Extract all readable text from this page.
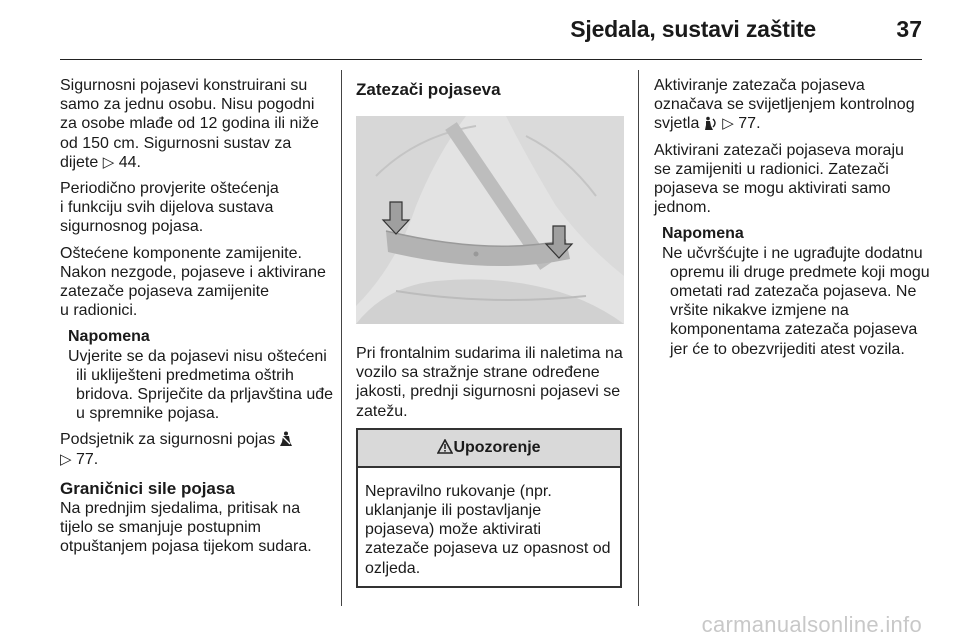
Sjedala, sustavi zaštite	37

Sigurnosni pojasevi konstruirani su
samo za jednu osobu. Nisu pogodni
za osobe mlađe od 12 godina ili niže
od 150 cm. Sigurnosni sustav za
dijete ▷ 44.

Periodično provjerite oštećenja
i funkciju svih dijelova sustava
sigurnosnog pojasa.

Oštećene komponente zamijenite.
Nakon nezgode, pojaseve i aktivirane
zatezače pojaseva zamijenite
u radionici.

Napomena
Uvjerite se da pojasevi nisu oštećeni
ili ukliješteni predmetima oštrih
bridova. Spriječite da prljavština uđe
u spremnike pojasa.

Podsjetnik za sigurnosni pojas
▷ 77.

Graničnici sile pojasa

Na prednjim sjedalima, pritisak na
tijelo se smanjuje postupnim
otpuštanjem pojasa tijekom sudara.

Zatezači pojaseva

Pri frontalnim sudarima ili naletima na
vozilo sa stražnje strane određene
jakosti, prednji sigurnosni pojasevi se
zatežu.

Upozorenje
Nepravilno rukovanje (npr.
uklanjanje ili postavljanje
pojaseva) može aktivirati
zatezače pojaseva uz opasnost od
ozljeda.

Aktiviranje zatezača pojaseva
označava se svijetljenjem kontrolnog
svjetla ▷ 77.

Aktivirani zatezači pojaseva moraju
se zamijeniti u radionici. Zatezači
pojaseva se mogu aktivirati samo
jednom.

Napomena
Ne učvršćujte i ne ugrađujte dodatnu
opremu ili druge predmete koji mogu
ometati rad zatezača pojaseva. Ne
vršite nikakve izmjene na
komponentama zatezača pojaseva
jer će to obezvrijediti atest vozila.
carmanualsonline.info
